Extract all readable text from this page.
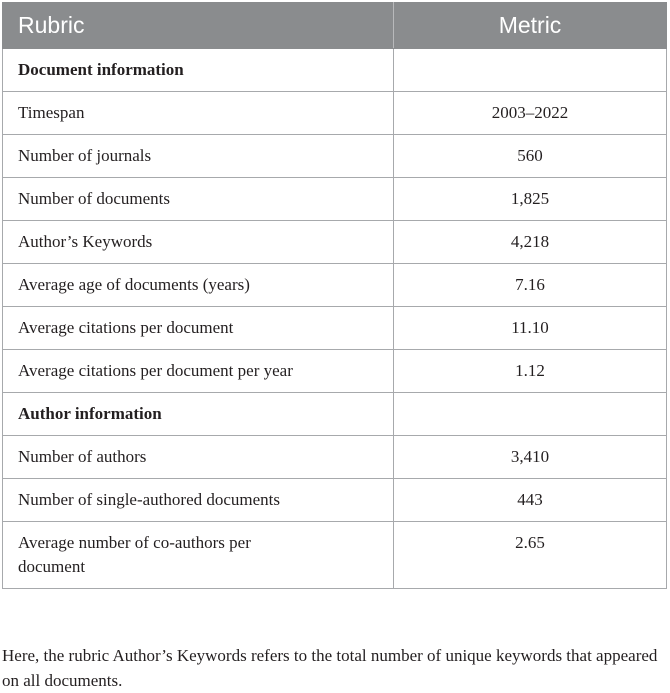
Rubric	Metric
Document information	
Timespan	2003–2022
Number of journals	560
Number of documents	1,825
Author’s Keywords	4,218
Average age of documents (years)	7.16
Average citations per document	11.10
Average citations per document per year	1.12
Author information	
Number of authors	3,410
Number of single-authored documents	443
Average number of co-authors per document	2.65

Here, the rubric Author’s Keywords refers to the total number of unique keywords that appeared on all documents.
